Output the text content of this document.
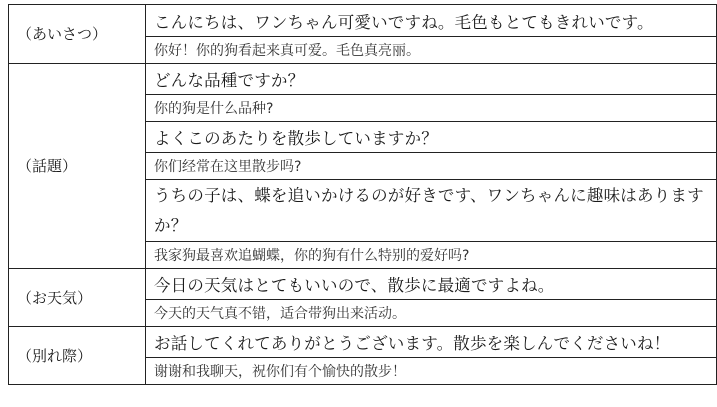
（あいさつ）	こんにちは、ワンちゃん可愛いですね。毛色もとてもきれいです。
	你好！你的狗看起来真可爱。毛色真亮丽。
（話題）	どんな品種ですか？
	你的狗是什么品种?
	よくこのあたりを散歩していますか？
	你们经常在这里散步吗?
	うちの子は、蝶を追いかけるのが好きです、ワンちゃんに趣味はありますか？
	我家狗最喜欢追蝴蝶，你的狗有什么特别的爱好吗?
（お天気）	今日の天気はとてもいいので、散歩に最適ですよね。
	今天的天气真不错，适合带狗出来活动。
（別れ際）	お話してくれてありがとうございます。散歩を楽しんでくださいね！
	谢谢和我聊天，祝你们有个愉快的散步！
